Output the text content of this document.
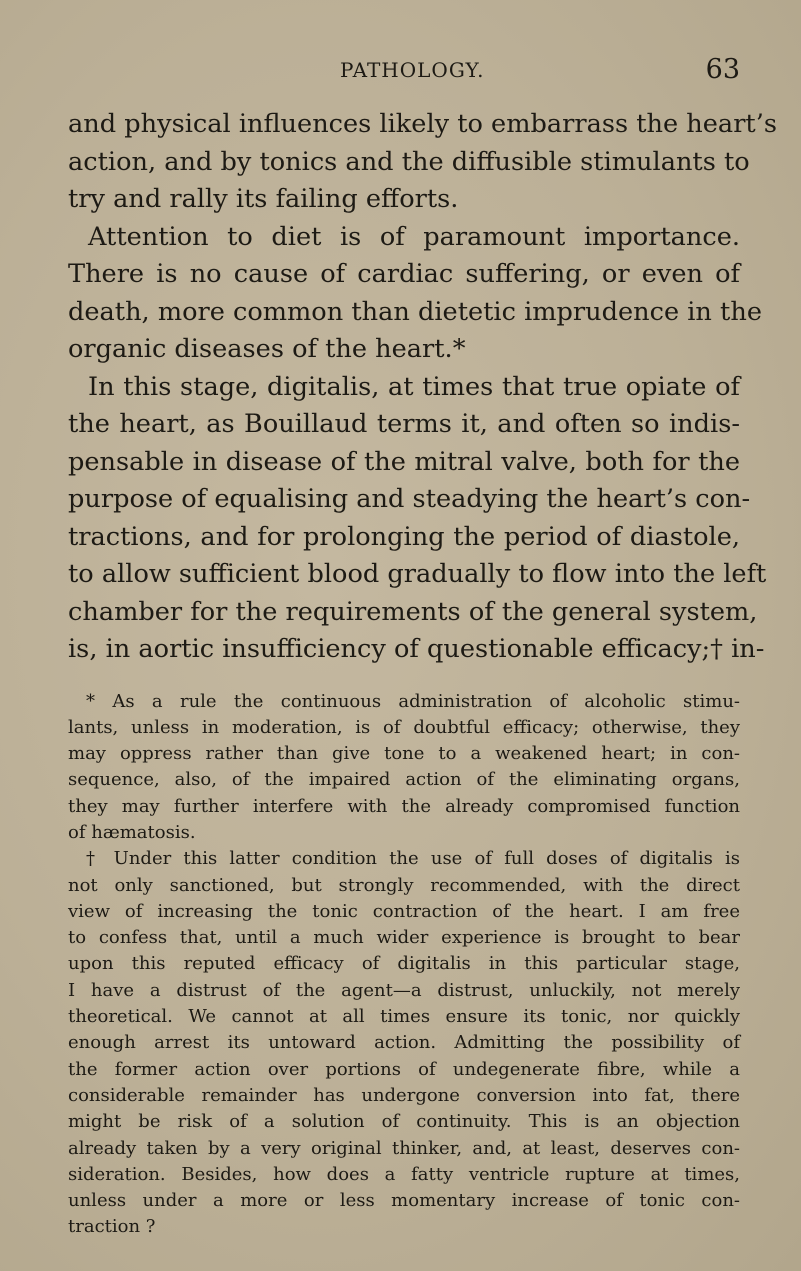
PATHOLOGY.	63
and physical influences likely to embarrass the heart’s
action, and by tonics and the diffusible stimulants to
try and rally its failing efforts.
Attention to diet is of paramount importance.
There is no cause of cardiac suffering, or even of
death, more common than dietetic imprudence in the
organic diseases of the heart.*
In this stage, digitalis, at times that true opiate of
the heart, as Bouillaud terms it, and often so indis-
pensable in disease of the mitral valve, both for the
purpose of equalising and steadying the heart’s con-
tractions, and for prolonging the period of diastole,
to allow sufficient blood gradually to flow into the left
chamber for the requirements of the general system,
is, in aortic insufficiency of questionable efficacy;† in-
* As a rule the continuous administration of alcoholic stimu-
lants, unless in moderation, is of doubtful efficacy; otherwise, they
may oppress rather than give tone to a weakened heart; in con-
sequence, also, of the impaired action of the eliminating organs,
they may further interfere with the already compromised function
of hæmatosis.
† Under this latter condition the use of full doses of digitalis is
not only sanctioned, but strongly recommended, with the direct
view of increasing the tonic contraction of the heart. I am free
to confess that, until a much wider experience is brought to bear
upon this reputed efficacy of digitalis in this particular stage,
I have a distrust of the agent—a distrust, unluckily, not merely
theoretical. We cannot at all times ensure its tonic, nor quickly
enough arrest its untoward action. Admitting the possibility of
the former action over portions of undegenerate fibre, while a
considerable remainder has undergone conversion into fat, there
might be risk of a solution of continuity. This is an objection
already taken by a very original thinker, and, at least, deserves con-
sideration. Besides, how does a fatty ventricle rupture at times,
unless under a more or less momentary increase of tonic con-
traction ?
